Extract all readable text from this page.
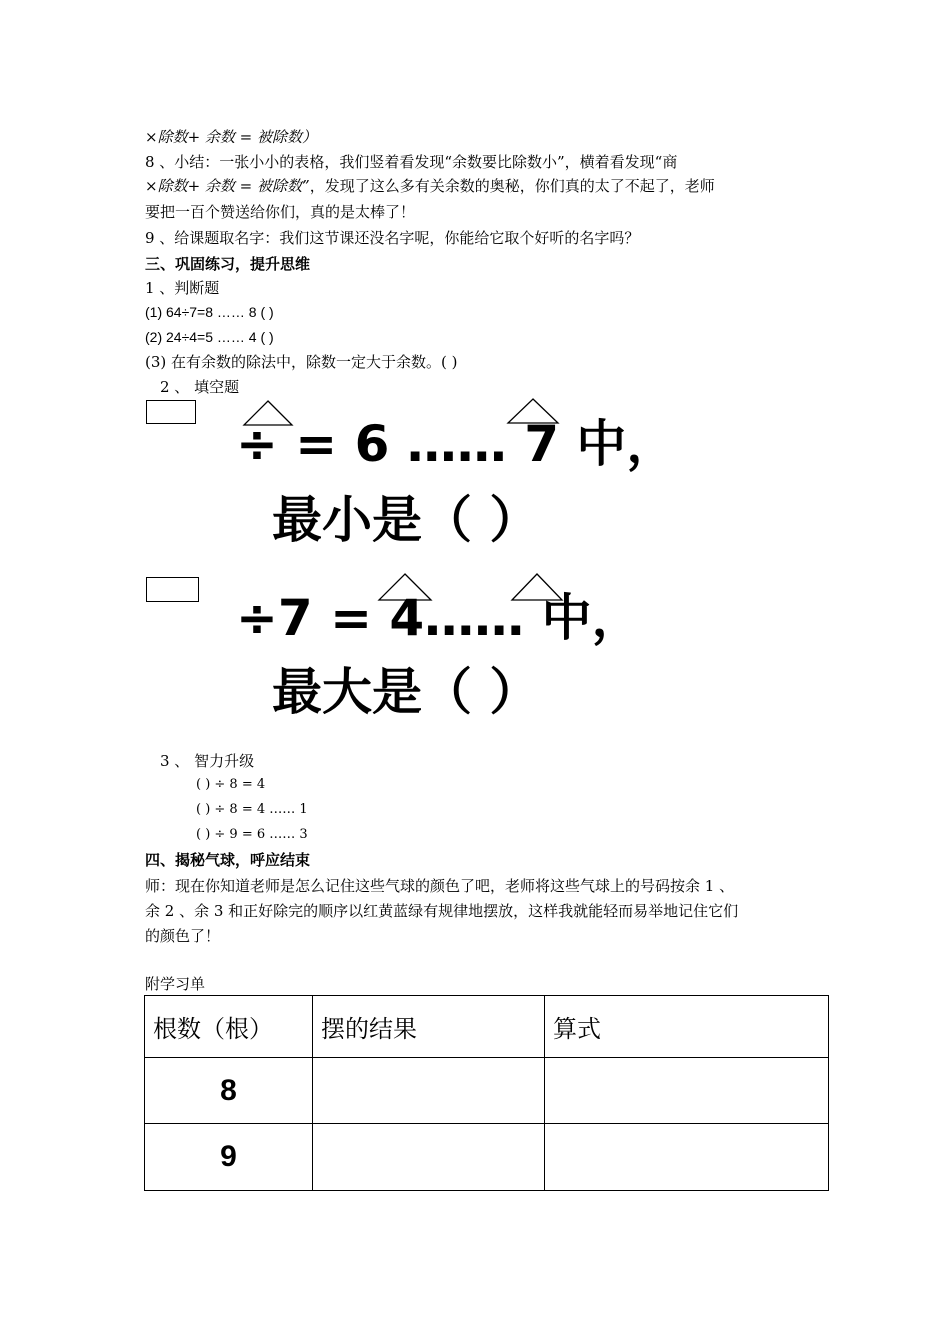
×除数+ 余数 = 被除数）
8 、小结：一张小小的表格，我们竖着看发现“余数要比除数小”，横着看发现“商
×除数+ 余数 = 被除数”，发现了这么多有关余数的奥秘，你们真的太了不起了，老师
要把一百个赞送给你们，真的是太棒了！
9 、给课题取名字：我们这节课还没名字呢，你能给它取个好听的名字吗？
三、巩固练习，提升思维
1 、判断题
(1) 64÷7=8 …… 8 ( )
(2) 24÷4=5 …… 4 ( )
(3) 在有余数的除法中，除数一定大于余数。( )
2 、 填空题
÷ = 6 …… 7 中，
最小是（ ）
÷7 = 4…… 中，
最大是（ ）
3 、 智力升级
( ) ÷ 8 = 4
( ) ÷ 8 = 4 …… 1
( ) ÷ 9 = 6 …… 3
四、揭秘气球，呼应结束
师：现在你知道老师是怎么记住这些气球的颜色了吧，老师将这些气球上的号码按余 1 、
余 2 、余 3 和正好除完的顺序以红黄蓝绿有规律地摆放，这样我就能轻而易举地记住它们
的颜色了！
附学习单
根数（根）	摆的结果	算式
8		
9		
